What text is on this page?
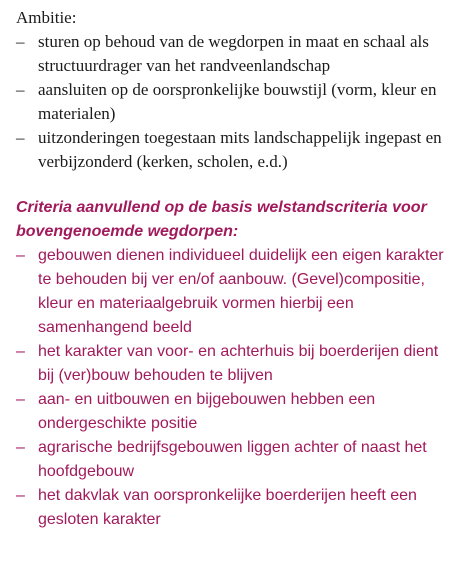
Ambitie:

– sturen op behoud van de wegdorpen in maat en schaal als structuurdrager van het randveenlandschap
– aansluiten op de oorspronkelijke bouwstijl (vorm, kleur en materialen)
– uitzonderingen toegestaan mits landschappelijk ingepast en verbijzonderd (kerken, scholen, e.d.)

Criteria aanvullend op de basis welstandscriteria voor bovengenoemde wegdorpen:

– gebouwen dienen individueel duidelijk een eigen karakter te behouden bij ver en/of aanbouw. (Gevel)compositie, kleur en materiaalgebruik vormen hierbij een samenhangend beeld
– het karakter van voor- en achterhuis bij boerderijen dient bij (ver)bouw behouden te blijven
– aan- en uitbouwen en bijgebouwen hebben een ondergeschikte positie
– agrarische bedrijfsgebouwen liggen achter of naast het hoofdgebouw
– het dakvlak van oorspronkelijke boerderijen heeft een gesloten karakter
